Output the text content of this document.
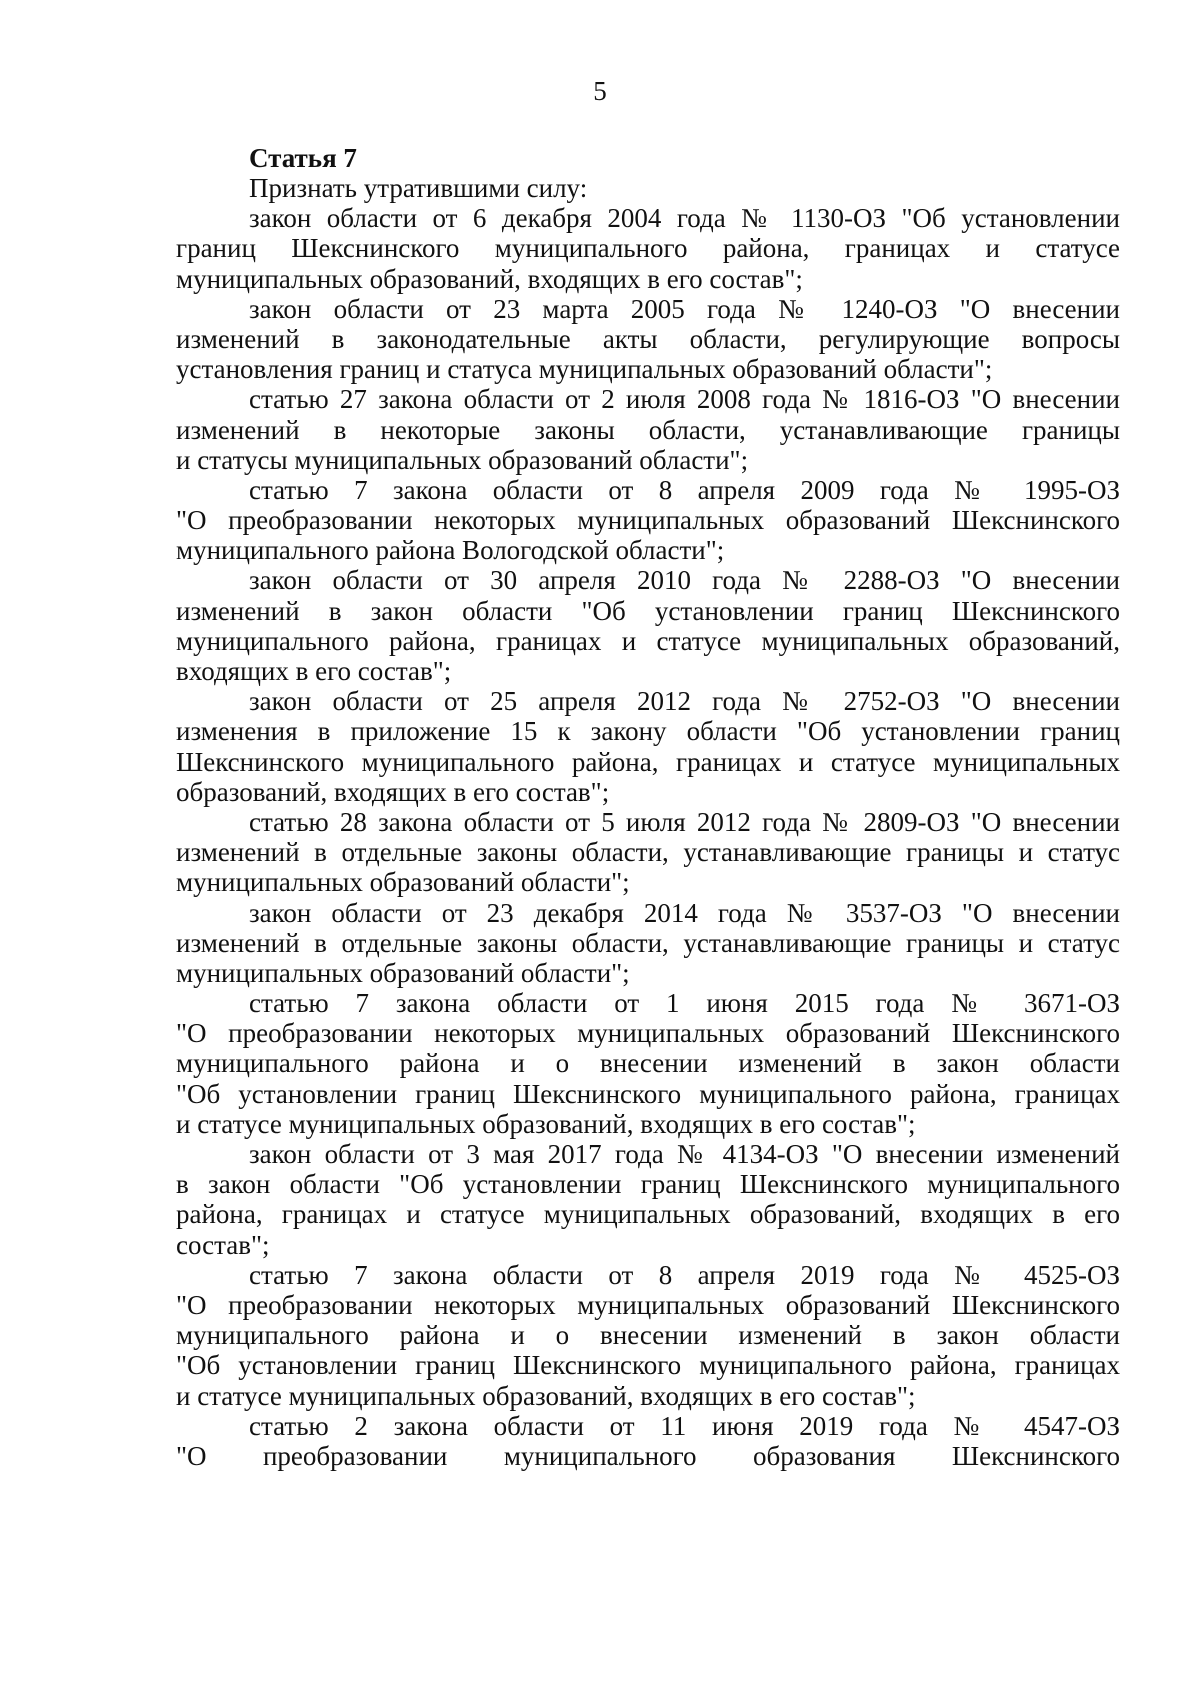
5
Статья 7
Признать утратившими силу:
закон области от 6 декабря 2004 года № 1130-ОЗ "Об установлении
границ Шекснинского муниципального района, границах и статусе
муниципальных образований, входящих в его состав";
закон области от 23 марта 2005 года № 1240-ОЗ "О внесении
изменений в законодательные акты области, регулирующие вопросы
установления границ и статуса муниципальных образований области";
статью 27 закона области от 2 июля 2008 года № 1816-ОЗ "О внесении
изменений в некоторые законы области, устанавливающие границы
и статусы муниципальных образований области";
статью 7 закона области от 8 апреля 2009 года № 1995-ОЗ
"О преобразовании некоторых муниципальных образований Шекснинского
муниципального района Вологодской области";
закон области от 30 апреля 2010 года № 2288-ОЗ "О внесении
изменений в закон области "Об установлении границ Шекснинского
муниципального района, границах и статусе муниципальных образований,
входящих в его состав";
закон области от 25 апреля 2012 года № 2752-ОЗ "О внесении
изменения в приложение 15 к закону области "Об установлении границ
Шекснинского муниципального района, границах и статусе муниципальных
образований, входящих в его состав";
статью 28 закона области от 5 июля 2012 года № 2809-ОЗ "О внесении
изменений в отдельные законы области, устанавливающие границы и статус
муниципальных образований области";
закон области от 23 декабря 2014 года № 3537-ОЗ "О внесении
изменений в отдельные законы области, устанавливающие границы и статус
муниципальных образований области";
статью 7 закона области от 1 июня 2015 года № 3671-ОЗ
"О преобразовании некоторых муниципальных образований Шекснинского
муниципального района и о внесении изменений в закон области
"Об установлении границ Шекснинского муниципального района, границах
и статусе муниципальных образований, входящих в его состав";
закон области от 3 мая 2017 года № 4134-ОЗ "О внесении изменений
в закон области "Об установлении границ Шекснинского муниципального
района, границах и статусе муниципальных образований, входящих в его
состав";
статью 7 закона области от 8 апреля 2019 года № 4525-ОЗ
"О преобразовании некоторых муниципальных образований Шекснинского
муниципального района и о внесении изменений в закон области
"Об установлении границ Шекснинского муниципального района, границах
и статусе муниципальных образований, входящих в его состав";
статью 2 закона области от 11 июня 2019 года № 4547-ОЗ
"О преобразовании муниципального образования Шекснинского
